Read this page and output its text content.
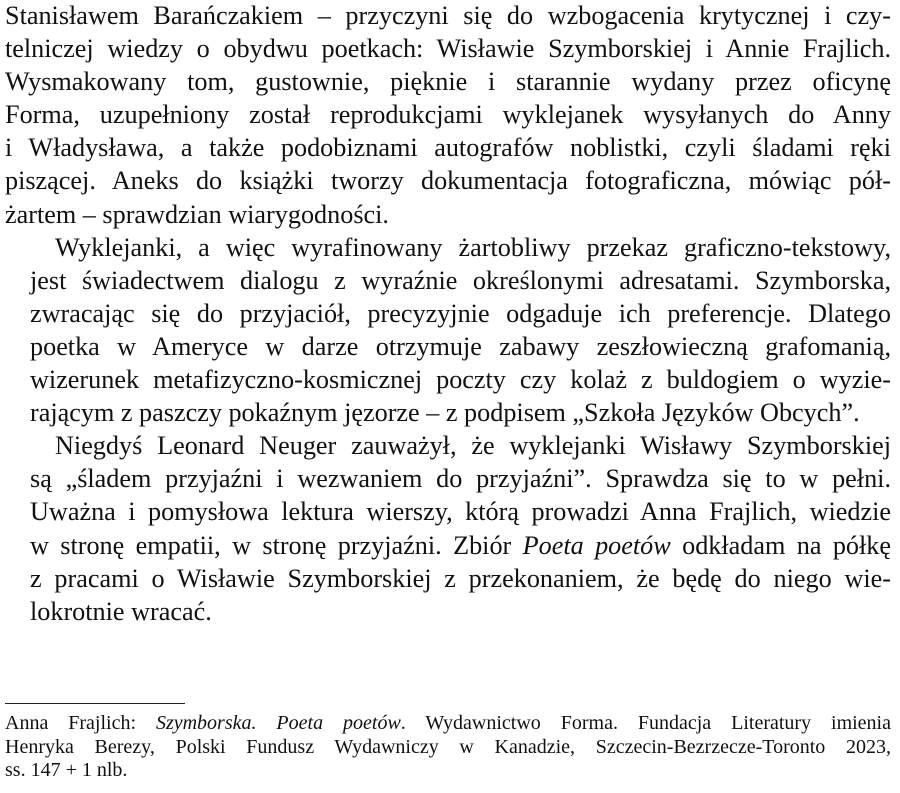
Stanisławem Barańczakiem – przyczyni się do wzbogacenia krytycznej i czy-
telniczej wiedzy o obydwu poetkach: Wisławie Szymborskiej i Annie Frajlich.
Wysmakowany tom, gustownie, pięknie i starannie wydany przez oficynę
Forma, uzupełniony został reprodukcjami wyklejanek wysyłanych do Anny
i Władysława, a także podobiznami autografów noblistki, czyli śladami ręki
piszącej. Aneks do książki tworzy dokumentacja fotograficzna, mówiąc pół-
żartem – sprawdzian wiarygodności.

Wyklejanki, a więc wyrafinowany żartobliwy przekaz graficzno-tekstowy,
jest świadectwem dialogu z wyraźnie określonymi adresatami. Szymborska,
zwracając się do przyjaciół, precyzyjnie odgaduje ich preferencje. Dlatego
poetka w Ameryce w darze otrzymuje zabawy zeszłowieczną grafomanią,
wizerunek metafizyczno-kosmicznej poczty czy kolaż z buldogiem o wyzie-
rającym z paszczy pokaźnym jęzorze – z podpisem „Szkoła Języków Obcych”.

Niegdyś Leonard Neuger zauważył, że wyklejanki Wisławy Szymborskiej
są „śladem przyjaźni i wezwaniem do przyjaźni”. Sprawdza się to w pełni.
Uważna i pomysłowa lektura wierszy, którą prowadzi Anna Frajlich, wiedzie
w stronę empatii, w stronę przyjaźni. Zbiór Poeta poetów odkładam na półkę
z pracami o Wisławie Szymborskiej z przekonaniem, że będę do niego wie-
lokrotnie wracać.

Anna Frajlich: Szymborska. Poeta poetów. Wydawnictwo Forma. Fundacja Literatury imienia
Henryka Berezy, Polski Fundusz Wydawniczy w Kanadzie, Szczecin-Bezrzecze-Toronto 2023,
ss. 147 + 1 nlb.
